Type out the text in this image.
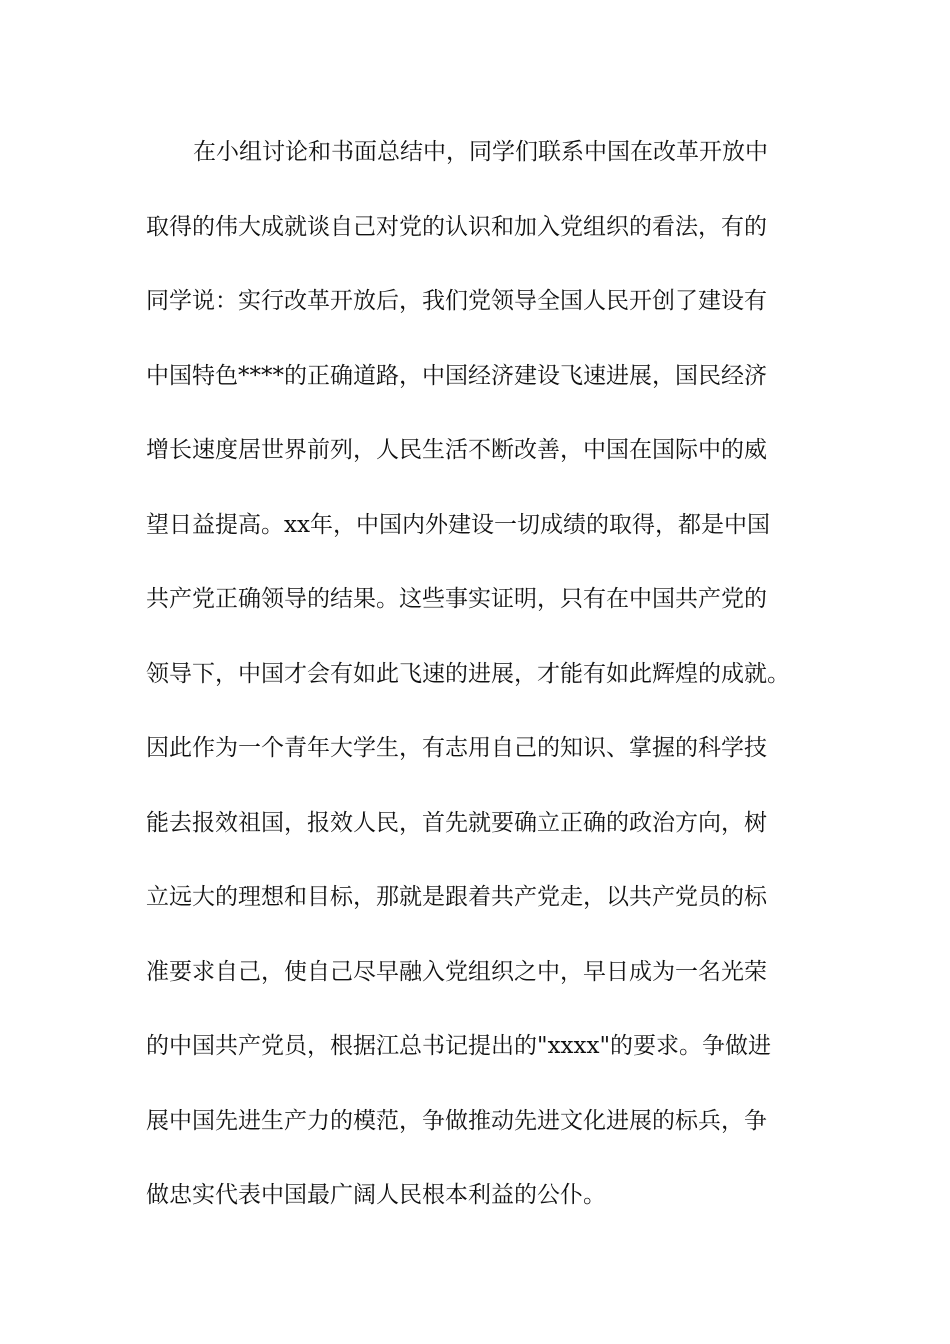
在小组讨论和书面总结中，同学们联系中国在改革开放中
取得的伟大成就谈自己对党的认识和加入党组织的看法，有的
同学说：实行改革开放后，我们党领导全国人民开创了建设有
中国特色****的正确道路，中国经济建设飞速进展，国民经济
增长速度居世界前列，人民生活不断改善，中国在国际中的威
望日益提高。xx年，中国内外建设一切成绩的取得，都是中国
共产党正确领导的结果。这些事实证明，只有在中国共产党的
领导下，中国才会有如此飞速的进展，才能有如此辉煌的成就。
因此作为一个青年大学生，有志用自己的知识、掌握的科学技
能去报效祖国，报效人民，首先就要确立正确的政治方向，树
立远大的理想和目标，那就是跟着共产党走，以共产党员的标
准要求自己，使自己尽早融入党组织之中，早日成为一名光荣
的中国共产党员，根据江总书记提出的"xxxx"的要求。争做进
展中国先进生产力的模范，争做推动先进文化进展的标兵，争
做忠实代表中国最广阔人民根本利益的公仆。
